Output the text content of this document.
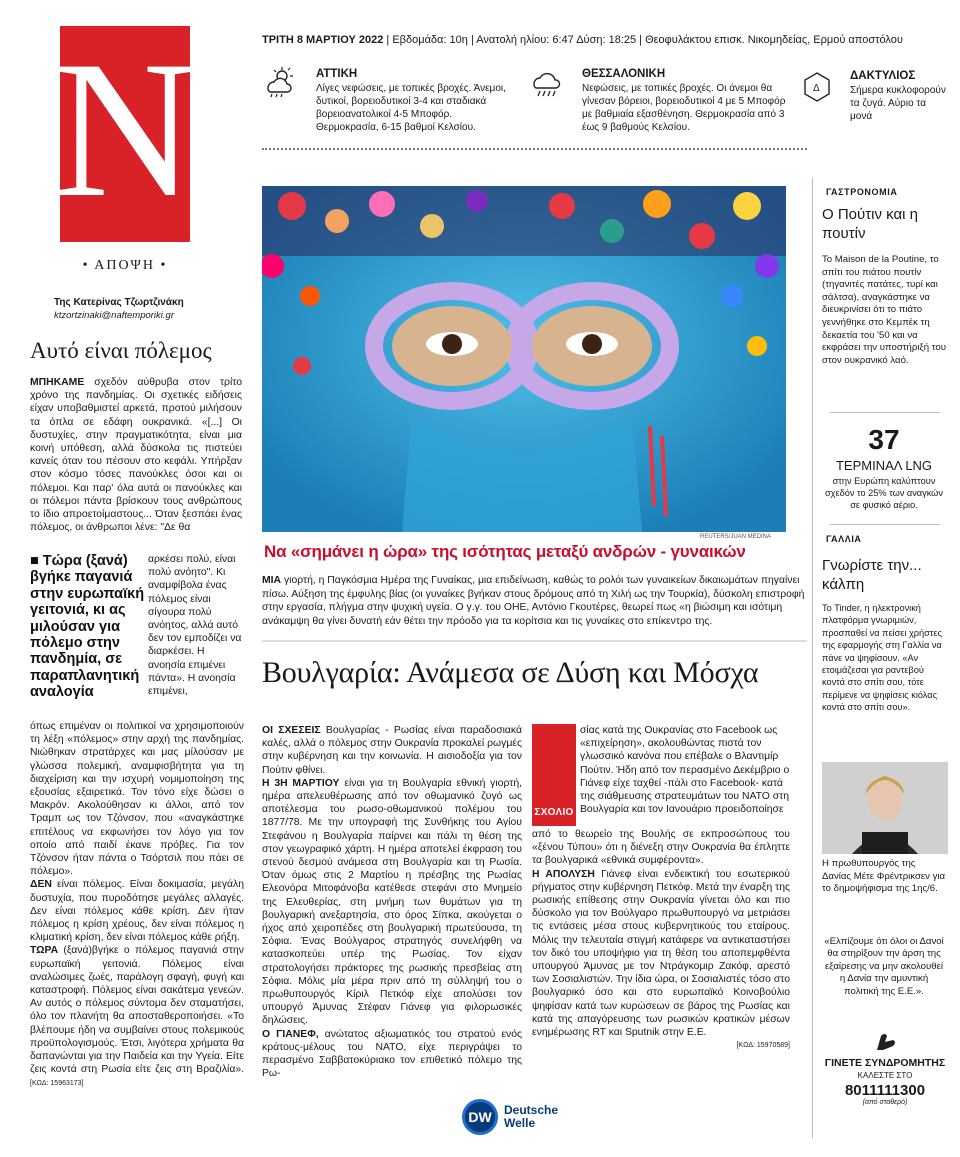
N
• ΑΠΟΨΗ •
Της Κατερίνας Τζωρτζινάκη
ktzortzinaki@naftemporiki.gr
Αυτό είναι πόλεμος

ΜΠΗΚΑΜΕ σχεδόν αύθρυβα στον τρίτο χρόνο της πανδημίας. Οι σχετικές ειδήσεις είχαν υποβαθμιστεί αρκετά, προτού μιλήσουν τα όπλα σε εδάφη ουκρανικά. «[...] Οι δυστυχίες, στην πραγματικότητα, είναι μια κοινή υπόθεση, αλλά δύσκολα τις πιστεύει κανείς όταν του πέσουν στο κεφάλι. Υπήρξαν στον κόσμο τόσες πανούκλες όσοι και οι πόλεμοι. Και παρ' όλα αυτά οι πανούκλες και οι πόλεμοι πάντα βρίσκουν τους ανθρώπους το ίδιο απροετοίμαστους... Όταν ξεσπάει ένας πόλεμος, οι άνθρωποι λένε: "Δε θα

■ Τώρα (ξανά) βγήκε παγανιά στην ευρωπαϊκή γειτονιά, κι ας μιλούσαν για πόλεμο στην πανδημία, σε παραπλανητική αναλογία
αρκέσει πολύ, είναι πολύ ανόητο". Κι αναμφίβολα ένας πόλεμος είναι σίγουρα πολύ ανόητος, αλλά αυτό δεν τον εμποδίζει να διαρκέσει. Η ανοησία επιμένει πάντα». Η ανοησία επιμένει,

όπως επιμέναν οι πολιτικοί να χρησιμοποιούν τη λέξη «πόλεμος» στην αρχή της πανδημίας. Νιώθηκαν στρατάρχες και μας μίλούσαν με γλώσσα πολεμική, αναμφισβήτητα για τη διαχείριση και την ισχυρή νομιμοποίηση της εξουσίας εξαιρετικά. Τον τόνο είχε δώσει ο Μακρόν. Ακολούθησαν κι άλλοι, από τον Τραμπ ως τον Τζόνσον, που «αναγκάστηκε επιτέλους να εκφωνήσει τον λόγο για τον οποίο από παιδί έκανε πρόβες. Για τον Τζόνσον ήταν πάντα ο Τσόρτσιλ που πάει σε πόλεμο».

ΔΕΝ είναι πόλεμος. Είναι δοκιμασία, μεγάλη δυστυχία, που πυροδότησε μεγάλες αλλαγές. Δεν είναι πόλεμος κάθε κρίση. Δεν ήταν πόλεμος η κρίση χρέους, δεν είναι πόλεμος η κλιματική κρίση, δεν είναι πόλεμος κάθε ρήξη.

ΤΩΡΑ (ξανά)βγήκε ο πόλεμος παγανιά στην ευρωπαϊκή γειτονιά. Πόλεμος είναι αναλώσιμες ζωές, παράλογη σφαγή, φυγή και καταστροφή. Πόλεμος είναι σακάτεμα γενεών. Αν αυτός ο πόλεμος σύντομα δεν σταματήσει, όλο τον πλανήτη θα αποσταθεροποιήσει. «Το βλέπουμε ήδη να συμβαίνει στους πολεμικούς προϋπολογισμούς. Έτσι, λιγότερα χρήματα θα δαπανώνται για την Παιδεία και την Υγεία. Είτε ζεις κοντά στη Ρωσία είτε ζεις στη Βραζιλία». [ΚΩΔ: 15963173]

ΤΡΙΤΗ 8 ΜΑΡΤΙΟΥ 2022 | Εβδομάδα: 10η | Ανατολή ηλίου: 6:47 Δύση: 18:25 | Θεοφυλάκτου επισκ. Νικομηδείας, Ερμού αποστόλου
ΑΤΤΙΚΗ
Λίγες νεφώσεις, με τοπικές βροχές. Άνεμοι, δυτικοί, βορειοδυτικοί 3-4 και σταδιακά βορειοανατολικοί 4-5 Μποφόρ. Θερμοκρασία, 6-15 βαθμοί Κελσίου.
ΘΕΣΣΑΛΟΝΙΚΗ
Νεφώσεις, με τοπικές βροχές. Οι άνεμοι θα γίνεσαν βόρειοι, βορειοδυτικοί 4 με 5 Μποφόρ με βαθμιαία εξασθένηση. Θερμοκρασία από 3 έως 9 βαθμούς Κελσίου.
Δ
ΔΑΚΤΥΛΙΟΣ
Σήμερα κυκλοφορούν τα ζυγά. Αύριο τα μονά
REUTERS/JUAN MEDINA
Να «σημάνει η ώρα» της ισότητας μεταξύ ανδρών - γυναικών
ΜΙΑ γιορτή, η Παγκόσμια Ημέρα της Γυναίκας, μια επιδείνωση, καθώς το ρολόι των γυναικείων δικαιωμάτων πηγαίνει πίσω. Αύξηση της έμφυλης βίας (οι γυναίκες βγήκαν στους δρόμους από τη Χιλή ως την Τουρκία), δύσκολη επιστροφή στην εργασία, πλήγμα στην ψυχική υγεία. Ο γ.γ. του ΟΗΕ, Αντόνιο Γκουτέρες, θεωρεί πως «η βιώσιμη και ισότιμη ανάκαμψη θα γίνει δυνατή εάν θέτει την πρόοδο για τα κορίτσια και τις γυναίκες στο επίκεντρο της.
Βουλγαρία: Ανάμεσα σε Δύση και Μόσχα

ΟΙ ΣΧΕΣΕΙΣ Βουλγαρίας - Ρωσίας είναι παραδοσιακά καλές, αλλά ο πόλεμος στην Ουκρανία προκαλεί ρωγμές στην κυβέρνηση και την κοινωνία. Η αισιοδοξία για τον Πούτιν φθίνει.

Η 3Η ΜΑΡΤΙΟΥ είναι για τη Βουλγαρία εθνική γιορτή, ημέρα απελευθέρωσης από τον οθωμανικό ζυγό ως αποτέλεσμα του ρωσο-οθωμανικού πολέμου του 1877/78. Με την υπογραφή της Συνθήκης του Αγίου Στεφάνου η Βουλγαρία παίρνει και πάλι τη θέση της στον γεωγραφικό χάρτη. Η ημέρα αποτελεί έκφραση του στενού δεσμού ανάμεσα στη Βουλγαρία και τη Ρωσία. Όταν όμως στις 2 Μαρτίου η πρέσβης της Ρωσίας Ελεονόρα Μιτοφάνοβα κατέθεσε στεφάνι στο Μνημείο της Ελευθερίας, στη μνήμη των θυμάτων για τη βουλγαρική ανεξαρτησία, στο όρος Σίπκα, ακούγεται ο ήχος από χειροπέδες στη βουλγαρική πρωτεύουσα, τη Σόφια. Ένας Βούλγαρος στρατηγός συνελήφθη να κατασκοπεύει υπέρ της Ρωσίας. Τον είχαν στρατολογήσει πράκτορες της ρωσικής πρεσβείας στη Σόφια. Μόλις μία μέρα πριν από τη σύλληψή του ο πρωθυπουργός Κίριλ Πετκόφ είχε απολύσει τον υπουργό Άμυνας Στέφαν Γιάνεφ για φιλορωσικές δηλώσεις.

Ο ΓΙΑΝΕΦ, ανώτατος αξιωματικός του στρατού ενός κράτους-μέλους του ΝΑΤΟ, είχε περιγράψει το περασμένο Σαββατοκύριακο τον επιθετικό πόλεμο της Ρω-

ΣΧΟΛΙΟ
σίας κατά της Ουκρανίας στο Facebook ως «επιχείρηση», ακολουθώντας πιστά τον γλωσσικό κανόνα που επέβαλε ο Βλαντιμίρ Πούτιν. Ήδη από τον περασμένο Δεκέμβριο ο Γιάνεφ είχε ταχθεί -πάλι στο Facebook- κατά της σιάθμευσης στρατευμάτων του ΝΑΤΟ στη Βουλγαρία και τον Ιανουάριο προειδοποίησε

από το θεωρείο της Βουλής σε εκπροσώπους του «ξένου Τύπου» ότι η διένεξη στην Ουκρανία θα έπληττε τα βουλγαρικά «εθνικά συμφέροντα».

Η ΑΠΟΛΥΣΗ Γιάνεφ είναι ενδεικτική του εσωτερικού ρήγματος στην κυβέρνηση Πετκόφ. Μετά την έναρξη της ρωσικής επίθεσης στην Ουκρανία γίνεται όλο και πιο δύσκολο για τον Βούλγαρο πρωθυπουργό να μετριάσει τις εντάσεις μέσα στους κυβερνητικούς του εταίρους. Μόλις την τελευταία στιγμή κατάφερε να αντικαταστήσει τον δικό του υποψήφιο για τη θέση του αποπεμφθέντα υπουργού Άμυνας με τον Ντράγκομιρ Ζακόφ, αρεστό των Σοσιαλιστών. Την ίδια ώρα, οι Σοσιαλιστές τόσο στο βουλγαρικό όσο και στο ευρωπαϊκό Κοινοβούλιο ψηφίσαν κατά των κυρώσεων σε βάρος της Ρωσίας και κατά της απαγόρευσης των ρωσικών κρατικών μέσων ενημέρωσης RT και Sputnik στην Ε.Ε.

[ΚΩΔ: 15970589]

DW	Deutsche
Welle
ΓΑΣΤΡΟΝΟΜΙΑ
Ο Πούτιν και η πουτίν
Το Maison de la Poutine, το σπίτι του πιάτου πουτίν (τηγανιτές πατάτες, τυρί και σάλτσα), αναγκάστηκε να διευκρινίσει ότι το πιάτο γεννήθηκε στο Κεμπέκ τη δεκαετία του '50 και να εκφράσει την υποστήριξή του στον ουκρανικό λαό.
37
ΤΕΡΜΙΝΑΛ LNG
στην Ευρώπη καλύπτουν σχεδόν το 25% των αναγκών σε φυσικό αέριο.
ΓΑΛΛΙΑ
Γνωρίστε την... κάλπη
Το Tinder, η ηλεκτρονική πλατφόρμα γνωριμιών, προσπαθεί να πείσει χρήστες της εφαρμογής στη Γαλλία να πάνε να ψηφίσουν. «Αν ετοιμάζεσαι για ραντεβού κοντά στο σπίτι σου, τότε περίμενε να ψηφίσεις κιόλας κοντά στο σπίτι σου».
Η πρωθυπουργός της Δανίας Μέτε Φρέντρικσεν για το δημοψήφισμα της 1ης/6.
«Ελπίζουμε ότι όλοι οι Δανοί θα στηρίξουν την άρση της εξαίρεσης να μην ακολουθεί η Δανία την αμυντική πολιτική της Ε.Ε.».
ΓΙΝΕΤΕ ΣΥΝΔΡΟΜΗΤΗΣ
ΚΑΛΕΣΤΕ ΣΤΟ
8011111300
(από σταθερό)
